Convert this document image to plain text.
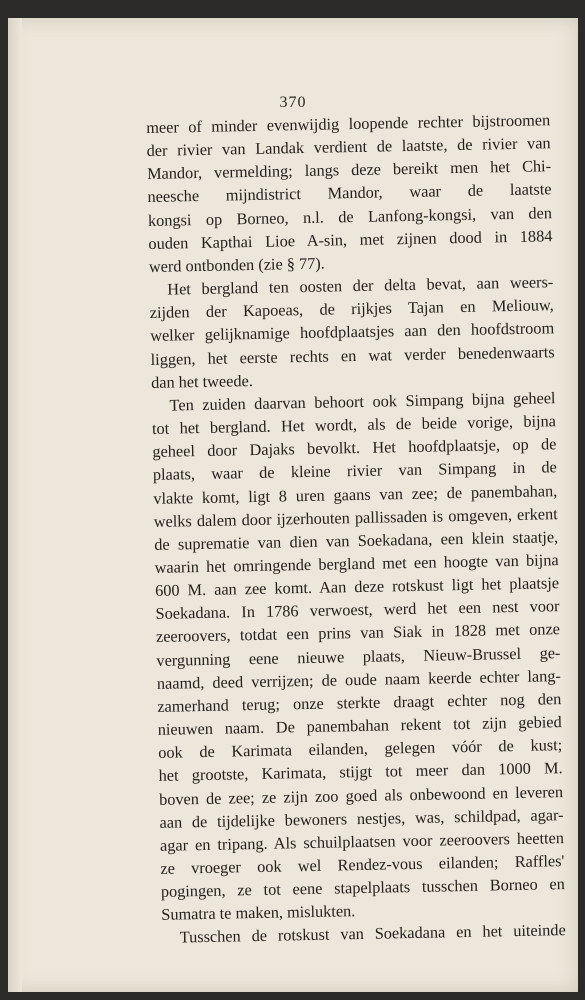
370
meer of minder evenwijdig loopende rechter bijstroomen
der rivier van Landak verdient de laatste, de rivier van
Mandor, vermelding; langs deze bereikt men het Chi-
neesche mijndistrict Mandor, waar de laatste
kongsi op Borneo, n.l. de Lanfong-kongsi, van den
ouden Kapthai Lioe A-sin, met zijnen dood in 1884
werd ontbonden (zie § 77).
Het bergland ten oosten der delta bevat, aan weers-
zijden der Kapoeas, de rijkjes Tajan en Meliouw,
welker gelijknamige hoofdplaatsjes aan den hoofdstroom
liggen, het eerste rechts en wat verder benedenwaarts
dan het tweede.
Ten zuiden daarvan behoort ook Simpang bijna geheel
tot het bergland. Het wordt, als de beide vorige, bijna
geheel door Dajaks bevolkt. Het hoofdplaatsje, op de
plaats, waar de kleine rivier van Simpang in de
vlakte komt, ligt 8 uren gaans van zee; de panembahan,
welks dalem door ijzerhouten pallissaden is omgeven, erkent
de suprematie van dien van Soekadana, een klein staatje,
waarin het omringende bergland met een hoogte van bijna
600 M. aan zee komt. Aan deze rotskust ligt het plaatsje
Soekadana. In 1786 verwoest, werd het een nest voor
zeeroovers, totdat een prins van Siak in 1828 met onze
vergunning eene nieuwe plaats, Nieuw-Brussel ge-
naamd, deed verrijzen; de oude naam keerde echter lang-
zamerhand terug; onze sterkte draagt echter nog den
nieuwen naam. De panembahan rekent tot zijn gebied
ook de Karimata eilanden, gelegen vóór de kust;
het grootste, Karimata, stijgt tot meer dan 1000 M.
boven de zee; ze zijn zoo goed als onbewoond en leveren
aan de tijdelijke bewoners nestjes, was, schildpad, agar-
agar en tripang. Als schuilplaatsen voor zeeroovers heetten
ze vroeger ook wel Rendez-vous eilanden; Raffles'
pogingen, ze tot eene stapelplaats tusschen Borneo en
Sumatra te maken, mislukten.
Tusschen de rotskust van Soekadana en het uiteinde
